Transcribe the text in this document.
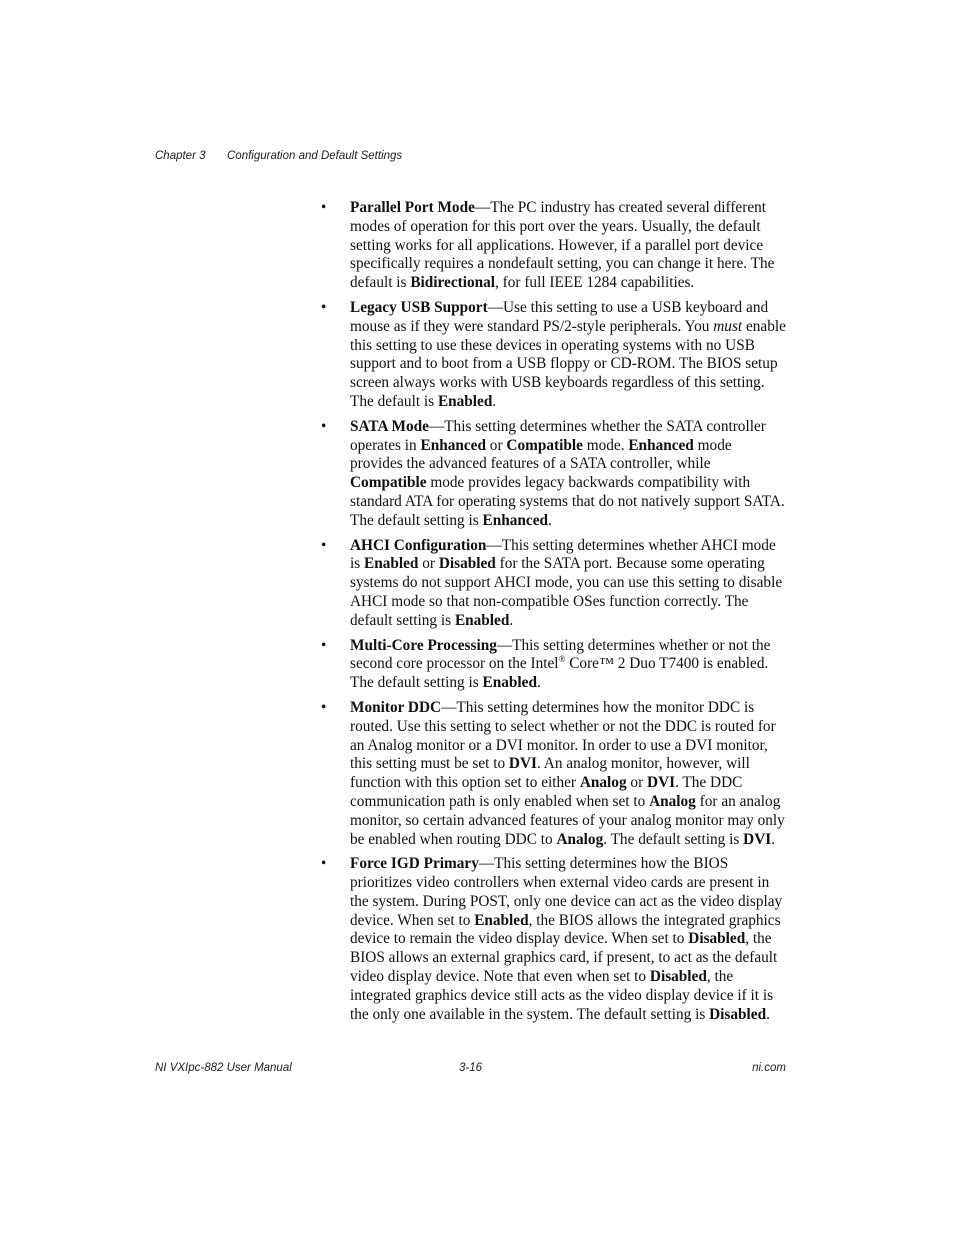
Chapter 3 Configuration and Default Settings
• Parallel Port Mode—The PC industry has created several different modes of operation for this port over the years. Usually, the default setting works for all applications. However, if a parallel port device specifically requires a nondefault setting, you can change it here. The default is Bidirectional, for full IEEE 1284 capabilities.

• Legacy USB Support—Use this setting to use a USB keyboard and mouse as if they were standard PS/2-style peripherals. You must enable this setting to use these devices in operating systems with no USB support and to boot from a USB floppy or CD-ROM. The BIOS setup screen always works with USB keyboards regardless of this setting. The default is Enabled.

• SATA Mode—This setting determines whether the SATA controller operates in Enhanced or Compatible mode. Enhanced mode provides the advanced features of a SATA controller, while Compatible mode provides legacy backwards compatibility with standard ATA for operating systems that do not natively support SATA. The default setting is Enhanced.

• AHCI Configuration—This setting determines whether AHCI mode is Enabled or Disabled for the SATA port. Because some operating systems do not support AHCI mode, you can use this setting to disable AHCI mode so that non-compatible OSes function correctly. The default setting is Enabled.

• Multi-Core Processing—This setting determines whether or not the second core processor on the Intel® Core™ 2 Duo T7400 is enabled. The default setting is Enabled.

• Monitor DDC—This setting determines how the monitor DDC is routed. Use this setting to select whether or not the DDC is routed for an Analog monitor or a DVI monitor. In order to use a DVI monitor, this setting must be set to DVI. An analog monitor, however, will function with this option set to either Analog or DVI. The DDC communication path is only enabled when set to Analog for an analog monitor, so certain advanced features of your analog monitor may only be enabled when routing DDC to Analog. The default setting is DVI.

• Force IGD Primary—This setting determines how the BIOS prioritizes video controllers when external video cards are present in the system. During POST, only one device can act as the video display device. When set to Enabled, the BIOS allows the integrated graphics device to remain the video display device. When set to Disabled, the BIOS allows an external graphics card, if present, to act as the default video display device. Note that even when set to Disabled, the integrated graphics device still acts as the video display device if it is the only one available in the system. The default setting is Disabled.

NI VXIpc-882 User Manual	3-16	ni.com
